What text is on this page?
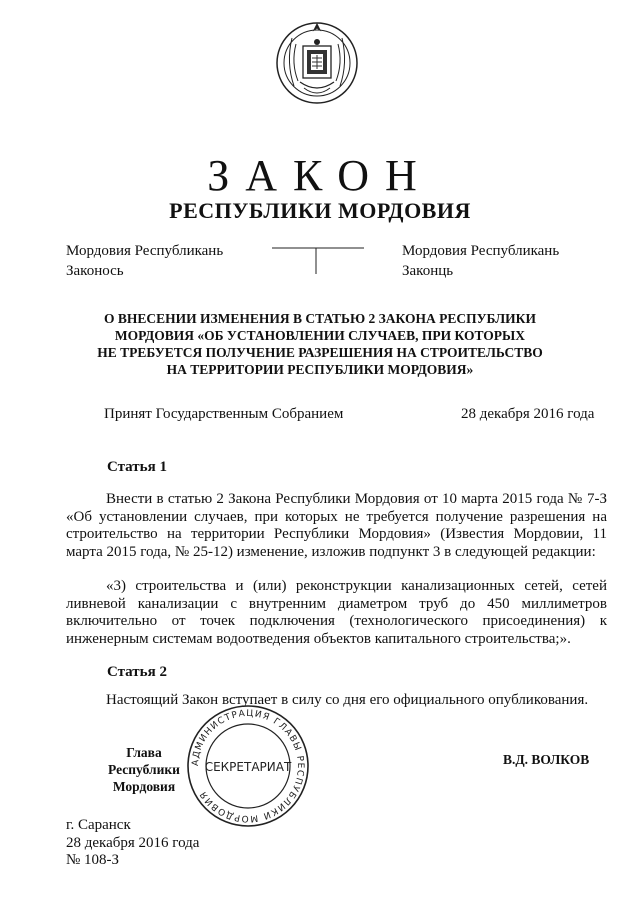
ЗАКОН
РЕСПУБЛИКИ МОРДОВИЯ
Мордовия Республикань
Законось
Мордовия Республикань
Законць
О ВНЕСЕНИИ ИЗМЕНЕНИЯ В СТАТЬЮ 2 ЗАКОНА РЕСПУБЛИКИ
МОРДОВИЯ «ОБ УСТАНОВЛЕНИИ СЛУЧАЕВ, ПРИ КОТОРЫХ
НЕ ТРЕБУЕТСЯ ПОЛУЧЕНИЕ РАЗРЕШЕНИЯ НА СТРОИТЕЛЬСТВО
НА ТЕРРИТОРИИ РЕСПУБЛИКИ МОРДОВИЯ»
Принят Государственным Собранием	28 декабря 2016 года
Статья 1
Внести в статью 2 Закона Республики Мордовия от 10 марта 2015 года № 7-З «Об установлении случаев, при которых не требуется получение разрешения на строительство на территории Республики Мордовия» (Известия Мордовии, 11 марта 2015 года, № 25-12) изменение, изложив подпункт 3 в следующей редакции:
«3) строительства и (или) реконструкции канализационных сетей, сетей ливневой канализации с внутренним диаметром труб до 450 миллиметров включительно от точек подключения (технологического присоединения) к инженерным системам водоотведения объектов капитального строительства;».
Статья 2
Настоящий Закон вступает в силу со дня его официального опубликования.
Глава
Республики Мордовия
В.Д. ВОЛКОВ
г. Саранск
28 декабря 2016 года
№ 108-З
АДМИНИСТРАЦИЯ ГЛАВЫ РЕСПУБЛИКИ МОРДОВИЯ
СЕКРЕТАРИАТ
